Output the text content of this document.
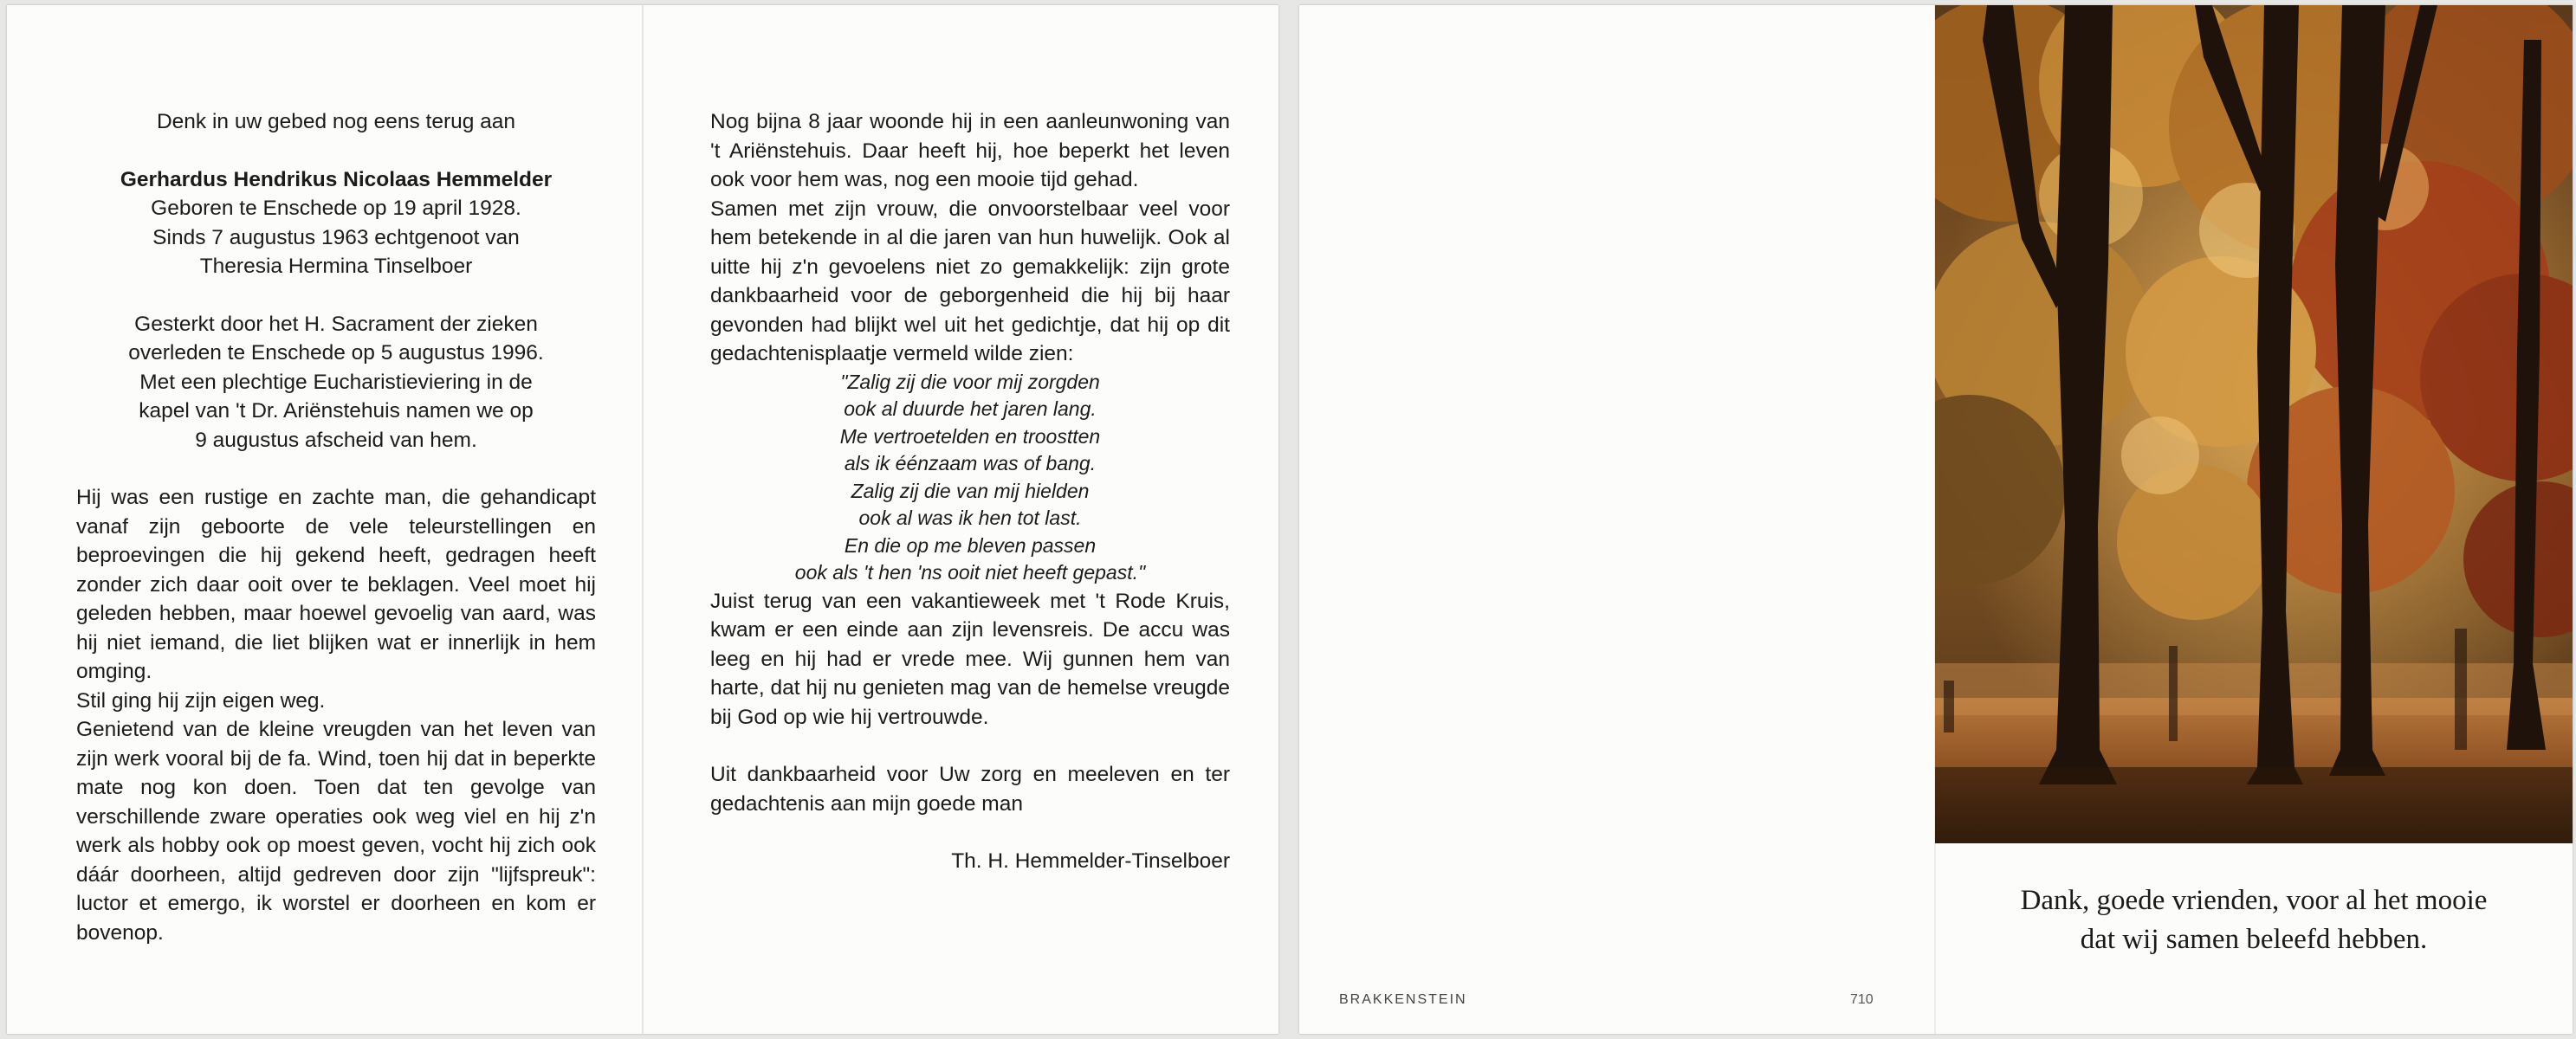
Denk in uw gebed nog eens terug aan
Gerhardus Hendrikus Nicolaas Hemmelder
Geboren te Enschede op 19 april 1928.
Sinds 7 augustus 1963 echtgenoot van
Theresia Hermina Tinselboer
Gesterkt door het H. Sacrament der zieken
overleden te Enschede op 5 augustus 1996.
Met een plechtige Eucharistieviering in de
kapel van 't Dr. Ariënstehuis namen we op
9 augustus afscheid van hem.

Hij was een rustige en zachte man, die gehandicapt vanaf zijn geboorte de vele teleurstellingen en beproevingen die hij gekend heeft, gedragen heeft zonder zich daar ooit over te beklagen. Veel moet hij geleden hebben, maar hoewel gevoelig van aard, was hij niet iemand, die liet blijken wat er innerlijk in hem omging.

Stil ging hij zijn eigen weg.

Genietend van de kleine vreugden van het leven van zijn werk vooral bij de fa. Wind, toen hij dat in beperkte mate nog kon doen. Toen dat ten gevolge van verschillende zware operaties ook weg viel en hij z'n werk als hobby ook op moest geven, vocht hij zich ook dáár doorheen, altijd gedreven door zijn "lijfspreuk": luctor et emergo, ik worstel er doorheen en kom er bovenop.

Nog bijna 8 jaar woonde hij in een aanleunwoning van 't Ariënstehuis. Daar heeft hij, hoe beperkt het leven ook voor hem was, nog een mooie tijd gehad.

Samen met zijn vrouw, die onvoorstelbaar veel voor hem betekende in al die jaren van hun huwelijk. Ook al uitte hij z'n gevoelens niet zo gemakkelijk: zijn grote dankbaarheid voor de geborgenheid die hij bij haar gevonden had blijkt wel uit het gedichtje, dat hij op dit gedachtenisplaatje vermeld wilde zien:

"Zalig zij die voor mij zorgden
ook al duurde het jaren lang.
Me vertroetelden en troostten
als ik éénzaam was of bang.
Zalig zij die van mij hielden
ook al was ik hen tot last.
En die op me bleven passen
ook als 't hen 'ns ooit niet heeft gepast."

Juist terug van een vakantieweek met 't Rode Kruis, kwam er een einde aan zijn levensreis. De accu was leeg en hij had er vrede mee. Wij gunnen hem van harte, dat hij nu genieten mag van de hemelse vreugde bij God op wie hij vertrouwde.

Uit dankbaarheid voor Uw zorg en meeleven en ter gedachtenis aan mijn goede man

Th. H. Hemmelder-Tinselboer
Dank, goede vrienden, voor al het mooie
dat wij samen beleefd hebben.
BRAKKENSTEIN	710
